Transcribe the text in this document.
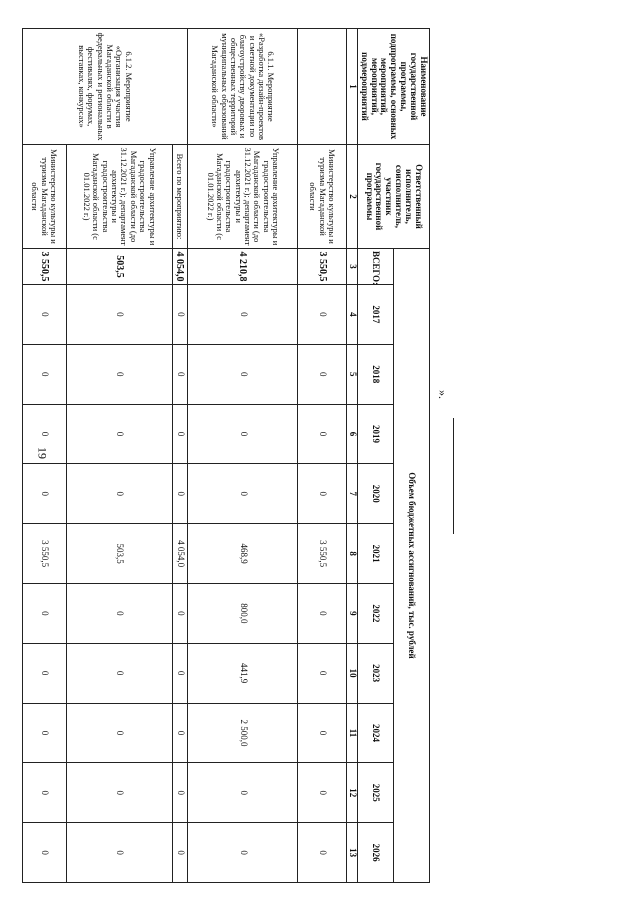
19
».
Наименование государственной программы, подпрограммы, основных мероприятий, мероприятий, подмероприятий	Ответственный исполнитель, соисполнитель, участник государственной программы	Объем бюджетных ассигнований, тыс. рублей										
		ВСЕГО:	2017	2018	2019	2020	2021	2022	2023	2024	2025	2026
1	2	3	4	5	6	7	8	9	10	11	12	13
	Министерство культуры и туризма Магаданской области	3 550,5	0	0	0	0	3 550,5	0	0	0	0	0
6.1.1. Мероприятие «Разработка дизайн-проектов и сметной документации по благоустройству дворовых и общественных территорий муниципальных образований Магаданской области»	Управление архитектуры и градостроительства Магаданской области (до 31.12.2021 г.); департамент архитектуры и градостроительства Магаданской области (с 01.01.2022 г.)	4 210,8	0	0	0	0	468,9	800,0	441,9	2 500,0	0	0
6.1.2. Мероприятие «Организация участия Магаданской области в федеральных и региональных фестивалях, форумах, выставках, конкурсах»	Всего по мероприятию:	4 054,0	0	0	0	0	4 054,0	0	0	0	0	0
	Управление архитектуры и градостроительства Магаданской области (до 31.12.2021 г.); департамент архитектуры и градостроительства Магаданской области (с 01.01.2022 г.)	503,5	0	0	0	0	503,5	0	0	0	0	0
	Министерство культуры и туризма Магаданской области	3 550,5	0	0	0	0	3 550,5	0	0	0	0	0
